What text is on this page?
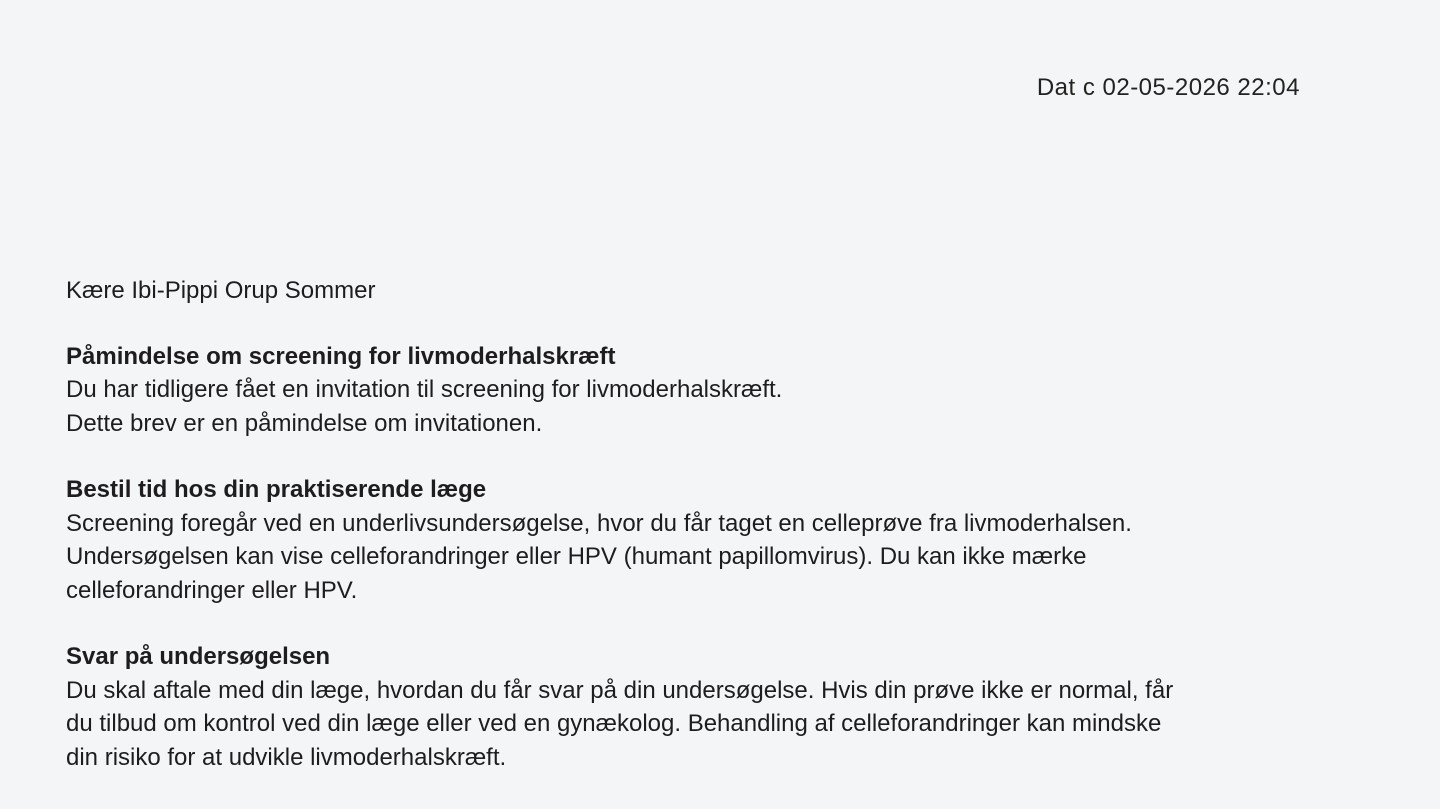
Dat c 02-05-2026 22:04

Kære Ibi-Pippi Orup Sommer

Påmindelse om screening for livmoderhalskræft

Du har tidligere fået en invitation til screening for livmoderhalskræft.

Dette brev er en påmindelse om invitationen.

Bestil tid hos din praktiserende læge

Screening foregår ved en underlivsundersøgelse, hvor du får taget en celleprøve fra livmoderhalsen.

Undersøgelsen kan vise celleforandringer eller HPV (humant papillomvirus). Du kan ikke mærke

celleforandringer eller HPV.

Svar på undersøgelsen

Du skal aftale med din læge, hvordan du får svar på din undersøgelse. Hvis din prøve ikke er normal, får

du tilbud om kontrol ved din læge eller ved en gynækolog. Behandling af celleforandringer kan mindske

din risiko for at udvikle livmoderhalskræft.
